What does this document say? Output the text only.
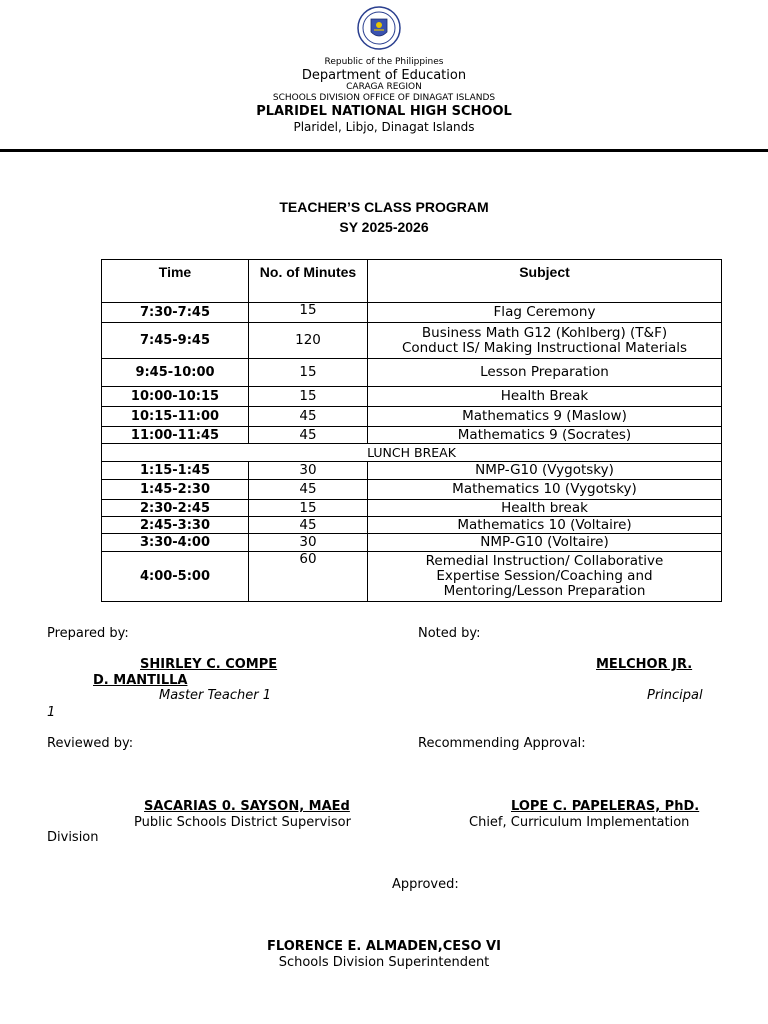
Republic of the Philippines
Department of Education
CARAGA REGION
SCHOOLS DIVISION OFFICE OF DINAGAT ISLANDS
PLARIDEL NATIONAL HIGH SCHOOL
Plaridel, Libjo, Dinagat Islands
TEACHER’S CLASS PROGRAM
SY 2025-2026
Time	No. of Minutes	Subject
7:30-7:45	15	Flag Ceremony
7:45-9:45	120	Business Math G12 (Kohlberg) (T&F)
Conduct IS/ Making Instructional Materials

9:45-10:00	15	Lesson Preparation
10:00-10:15	15	Health Break
10:15-11:00	45	Mathematics 9 (Maslow)
11:00-11:45	45	Mathematics 9 (Socrates)
LUNCH BREAK		
1:15-1:45	30	NMP-G10 (Vygotsky)
1:45-2:30	45	Mathematics 10 (Vygotsky)
2:30-2:45	15	Health break
2:45-3:30	45	Mathematics 10 (Voltaire)
3:30-4:00	30	NMP-G10 (Voltaire)
4:00-5:00	60	Remedial Instruction/ Collaborative
Expertise Session/Coaching and
Mentoring/Lesson Preparation
Prepared by:	Noted by:
SHIRLEY C. COMPE
D. MANTILLA
MELCHOR JR.
Master Teacher 1
1
Principal
Reviewed by:	Recommending Approval:
SACARIAS 0. SAYSON, MAEd	LOPE C. PAPELERAS, PhD.
Public Schools District Supervisor	Chief, Curriculum Implementation
Division
Approved:
FLORENCE E. ALMADEN,CESO VI
Schools Division Superintendent
